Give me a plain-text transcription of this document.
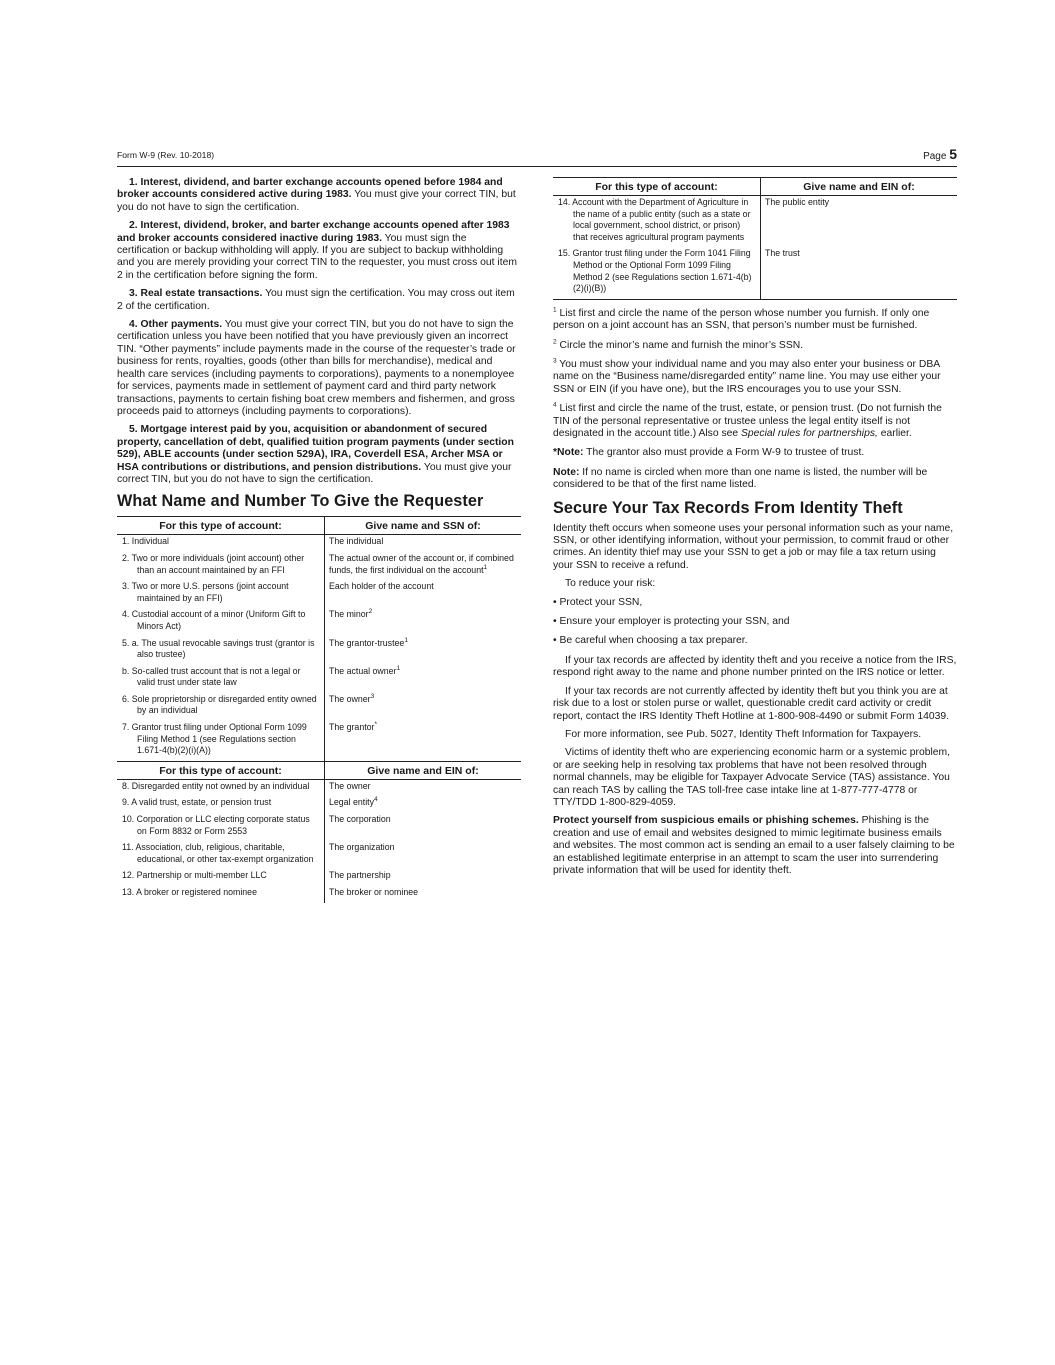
Form W-9 (Rev. 10-2018)	Page 5

1. Interest, dividend, and barter exchange accounts opened before 1984 and broker accounts considered active during 1983. You must give your correct TIN, but you do not have to sign the certification.

2. Interest, dividend, broker, and barter exchange accounts opened after 1983 and broker accounts considered inactive during 1983. You must sign the certification or backup withholding will apply. If you are subject to backup withholding and you are merely providing your correct TIN to the requester, you must cross out item 2 in the certification before signing the form.

3. Real estate transactions. You must sign the certification. You may cross out item 2 of the certification.

4. Other payments. You must give your correct TIN, but you do not have to sign the certification unless you have been notified that you have previously given an incorrect TIN. “Other payments” include payments made in the course of the requester’s trade or business for rents, royalties, goods (other than bills for merchandise), medical and health care services (including payments to corporations), payments to a nonemployee for services, payments made in settlement of payment card and third party network transactions, payments to certain fishing boat crew members and fishermen, and gross proceeds paid to attorneys (including payments to corporations).

5. Mortgage interest paid by you, acquisition or abandonment of secured property, cancellation of debt, qualified tuition program payments (under section 529), ABLE accounts (under section 529A), IRA, Coverdell ESA, Archer MSA or HSA contributions or distributions, and pension distributions. You must give your correct TIN, but you do not have to sign the certification.

What Name and Number To Give the Requester
For this type of account:	Give name and SSN of:

1. Individual	The individual

2. Two or more individuals (joint account) other than an account maintained by an FFI	The actual owner of the account or, if combined funds, the first individual on the account$^1$

3. Two or more U.S. persons (joint account maintained by an FFI)	Each holder of the account

4. Custodial account of a minor (Uniform Gift to Minors Act)	The minor$^2$

5. a. The usual revocable savings trust (grantor is also trustee)	The grantor-trustee$^1$

b. So-called trust account that is not a legal or valid trust under state law	The actual owner$^1$

6. Sole proprietorship or disregarded entity owned by an individual	The owner$^3$

7. Grantor trust filing under Optional Form 1099 Filing Method 1 (see Regulations section 1.671-4(b)(2)(i)(A))	The grantor*
For this type of account:	Give name and EIN of:

8. Disregarded entity not owned by an individual	The owner

9. A valid trust, estate, or pension trust	Legal entity$^4$

10. Corporation or LLC electing corporate status on Form 8832 or Form 2553	The corporation

11. Association, club, religious, charitable, educational, or other tax-exempt organization	The organization

12. Partnership or multi-member LLC	The partnership

13. A broker or registered nominee	The broker or nominee
For this type of account:	Give name and EIN of:

14. Account with the Department of Agriculture in the name of a public entity (such as a state or local government, school district, or prison) that receives agricultural program payments	The public entity

15. Grantor trust filing under the Form 1041 Filing Method or the Optional Form 1099 Filing Method 2 (see Regulations section 1.671-4(b)(2)(i)(B))	The trust

$^1$ List first and circle the name of the person whose number you furnish. If only one person on a joint account has an SSN, that person’s number must be furnished.

$^2$ Circle the minor’s name and furnish the minor’s SSN.

$^3$ You must show your individual name and you may also enter your business or DBA name on the “Business name/disregarded entity” name line. You may use either your SSN or EIN (if you have one), but the IRS encourages you to use your SSN.

$^4$ List first and circle the name of the trust, estate, or pension trust. (Do not furnish the TIN of the personal representative or trustee unless the legal entity itself is not designated in the account title.) Also see Special rules for partnerships, earlier.

*Note: The grantor also must provide a Form W-9 to trustee of trust.

Note: If no name is circled when more than one name is listed, the number will be considered to be that of the first name listed.

Secure Your Tax Records From Identity Theft

Identity theft occurs when someone uses your personal information such as your name, SSN, or other identifying information, without your permission, to commit fraud or other crimes. An identity thief may use your SSN to get a job or may file a tax return using your SSN to receive a refund.

To reduce your risk:

• Protect your SSN,

• Ensure your employer is protecting your SSN, and

• Be careful when choosing a tax preparer.

If your tax records are affected by identity theft and you receive a notice from the IRS, respond right away to the name and phone number printed on the IRS notice or letter.

If your tax records are not currently affected by identity theft but you think you are at risk due to a lost or stolen purse or wallet, questionable credit card activity or credit report, contact the IRS Identity Theft Hotline at 1-800-908-4490 or submit Form 14039.

For more information, see Pub. 5027, Identity Theft Information for Taxpayers.

Victims of identity theft who are experiencing economic harm or a systemic problem, or are seeking help in resolving tax problems that have not been resolved through normal channels, may be eligible for Taxpayer Advocate Service (TAS) assistance. You can reach TAS by calling the TAS toll-free case intake line at 1-877-777-4778 or TTY/TDD 1-800-829-4059.

Protect yourself from suspicious emails or phishing schemes. Phishing is the creation and use of email and websites designed to mimic legitimate business emails and websites. The most common act is sending an email to a user falsely claiming to be an established legitimate enterprise in an attempt to scam the user into surrendering private information that will be used for identity theft.
